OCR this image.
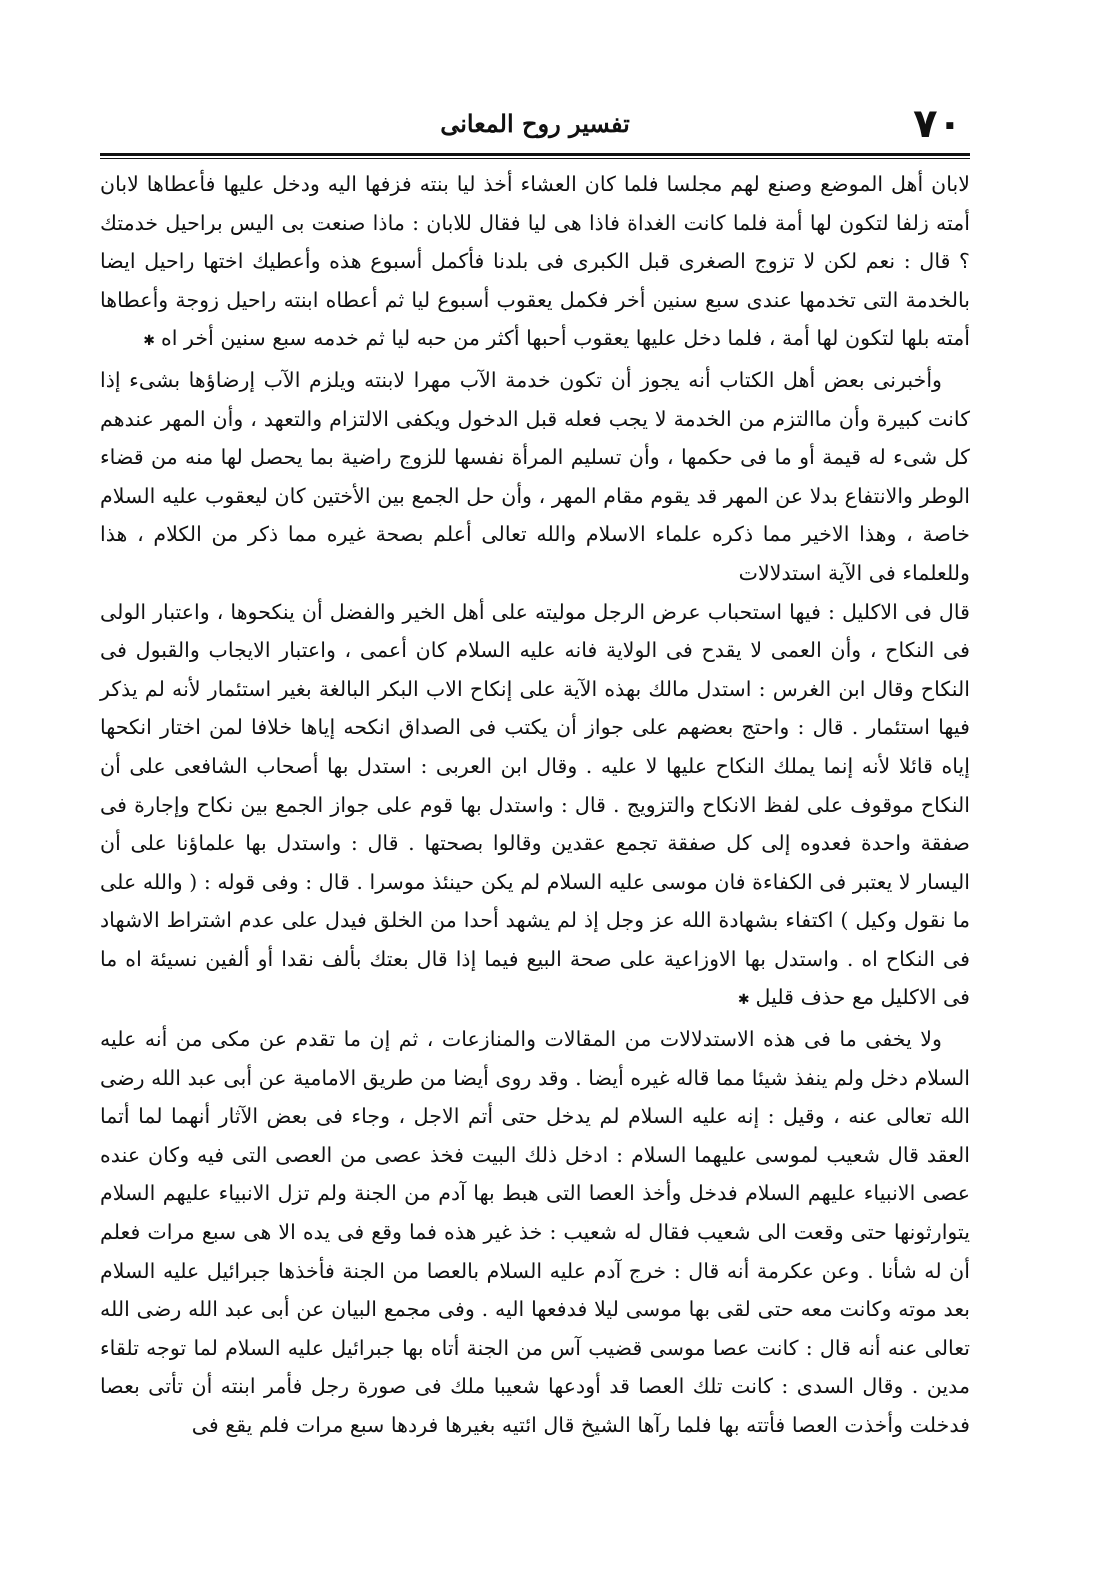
٧٠
تفسير روح المعانى

لابان أهل الموضع وصنع لهم مجلسا فلما كان العشاء أخذ ليا بنته فزفها اليه ودخل عليها فأعطاها لابان أمته زلفا لتكون لها أمة فلما كانت الغداة فاذا هى ليا فقال للابان : ماذا صنعت بى اليس براحيل خدمتك ؟ قال : نعم لكن لا تزوج الصغرى قبل الكبرى فى بلدنا فأكمل أسبوع هذه وأعطيك اختها راحيل ايضا بالخدمة التى تخدمها عندى سبع سنين أخر فكمل يعقوب أسبوع ليا ثم أعطاه ابنته راحيل زوجة وأعطاها أمته بلها لتكون لها أمة ، فلما دخل عليها يعقوب أحبها أكثر من حبه ليا ثم خدمه سبع سنين أخر اه✱

وأخبرنى بعض أهل الكتاب أنه يجوز أن تكون خدمة الآب مهرا لابنته ويلزم الآب إرضاؤها بشىء إذا كانت كبيرة وأن ماالتزم من الخدمة لا يجب فعله قبل الدخول ويكفى الالتزام والتعهد ، وأن المهر عندهم كل شىء له قيمة أو ما فى حكمها ، وأن تسليم المرأة نفسها للزوج راضية بما يحصل لها منه من قضاء الوطر والانتفاع بدلا عن المهر قد يقوم مقام المهر ، وأن حل الجمع بين الأختين كان ليعقوب عليه السلام خاصة ، وهذا الاخير مما ذكره علماء الاسلام والله تعالى أعلم بصحة غيره مما ذكر من الكلام ، هذا وللعلماء فى الآية استدلالات

قال فى الاكليل : فيها استحباب عرض الرجل موليته على أهل الخير والفضل أن ينكحوها ، واعتبار الولى فى النكاح ، وأن العمى لا يقدح فى الولاية فانه عليه السلام كان أعمى ، واعتبار الايجاب والقبول فى النكاح وقال ابن الغرس : استدل مالك بهذه الآية على إنكاح الاب البكر البالغة بغير استئمار لأنه لم يذكر فيها استئمار . قال : واحتج بعضهم على جواز أن يكتب فى الصداق انكحه إياها خلافا لمن اختار انكحها إياه قائلا لأنه إنما يملك النكاح عليها لا عليه . وقال ابن العربى : استدل بها أصحاب الشافعى على أن النكاح موقوف على لفظ الانكاح والتزويج . قال : واستدل بها قوم على جواز الجمع بين نكاح وإجارة فى صفقة واحدة فعدوه إلى كل صفقة تجمع عقدين وقالوا بصحتها . قال : واستدل بها علماؤنا على أن اليسار لا يعتبر فى الكفاءة فان موسى عليه السلام لم يكن حينئذ موسرا . قال : وفى قوله : ( والله على ما نقول وكيل ) اكتفاء بشهادة الله عز وجل إذ لم يشهد أحدا من الخلق فيدل على عدم اشتراط الاشهاد فى النكاح اه . واستدل بها الاوزاعية على صحة البيع فيما إذا قال بعتك بألف نقدا أو ألفين نسيئة اه ما فى الاكليل مع حذف قليل✱

ولا يخفى ما فى هذه الاستدلالات من المقالات والمنازعات ، ثم إن ما تقدم عن مكى من أنه عليه السلام دخل ولم ينفذ شيئا مما قاله غيره أيضا . وقد روى أيضا من طريق الامامية عن أبى عبد الله رضى الله تعالى عنه ، وقيل : إنه عليه السلام لم يدخل حتى أتم الاجل ، وجاء فى بعض الآثار أنهما لما أتما العقد قال شعيب لموسى عليهما السلام : ادخل ذلك البيت فخذ عصى من العصى التى فيه وكان عنده عصى الانبياء عليهم السلام فدخل وأخذ العصا التى هبط بها آدم من الجنة ولم تزل الانبياء عليهم السلام يتوارثونها حتى وقعت الى شعيب فقال له شعيب : خذ غير هذه فما وقع فى يده الا هى سبع مرات فعلم أن له شأنا . وعن عكرمة أنه قال : خرج آدم عليه السلام بالعصا من الجنة فأخذها جبرائيل عليه السلام بعد موته وكانت معه حتى لقى بها موسى ليلا فدفعها اليه . وفى مجمع البيان عن أبى عبد الله رضى الله تعالى عنه أنه قال : كانت عصا موسى قضيب آس من الجنة أتاه بها جبرائيل عليه السلام لما توجه تلقاء مدين . وقال السدى : كانت تلك العصا قد أودعها شعيبا ملك فى صورة رجل فأمر ابنته أن تأتى بعصا فدخلت وأخذت العصا فأتته بها فلما رآها الشيخ قال ائتيه بغيرها فردها سبع مرات فلم يقع فى
